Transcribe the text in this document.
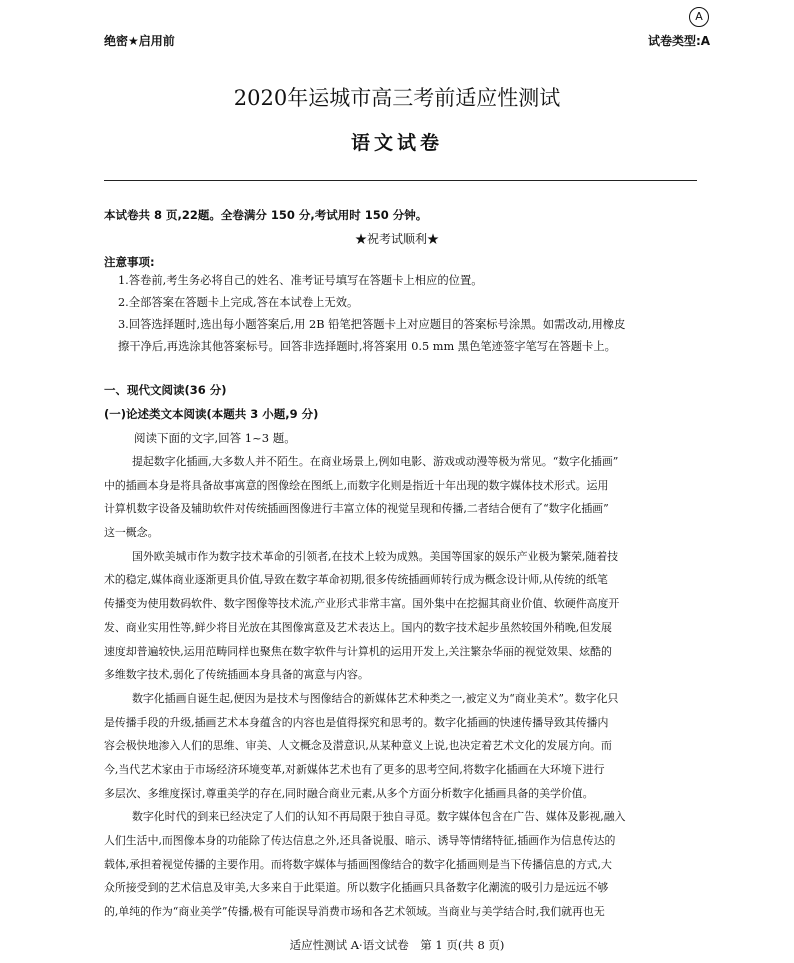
绝密★启用前
A
试卷类型:A
2020年运城市高三考前适应性测试
语文试卷
本试卷共 8 页,22题。全卷满分 150 分,考试用时 150 分钟。
★祝考试顺利★
注意事项:
1.答卷前,考生务必将自己的姓名、准考证号填写在答题卡上相应的位置。
2.全部答案在答题卡上完成,答在本试卷上无效。
3.回答选择题时,选出每小题答案后,用 2B 铅笔把答题卡上对应题目的答案标号涂黑。如需改动,用橡皮
擦干净后,再选涂其他答案标号。回答非选择题时,将答案用 0.5 mm 黑色笔迹签字笔写在答题卡上。
一、现代文阅读(36 分)
(一)论述类文本阅读(本题共 3 小题,9 分)
阅读下面的文字,回答 1~3 题。
提起数字化插画,大多数人并不陌生。在商业场景上,例如电影、游戏或动漫等极为常见。“数字化插画”
中的插画本身是将具备故事寓意的图像绘在图纸上,而数字化则是指近十年出现的数字媒体技术形式。运用
计算机数字设备及辅助软件对传统插画图像进行丰富立体的视觉呈现和传播,二者结合便有了“数字化插画”
这一概念。
国外欧美城市作为数字技术革命的引领者,在技术上较为成熟。美国等国家的娱乐产业极为繁荣,随着技
术的稳定,媒体商业逐渐更具价值,导致在数字革命初期,很多传统插画师转行成为概念设计师,从传统的纸笔
传播变为使用数码软件、数字图像等技术流,产业形式非常丰富。国外集中在挖掘其商业价值、软硬件高度开
发、商业实用性等,鲜少将目光放在其图像寓意及艺术表达上。国内的数字技术起步虽然较国外稍晚,但发展
速度却普遍较快,运用范畴同样也聚焦在数字软件与计算机的运用开发上,关注繁杂华丽的视觉效果、炫酷的
多维数字技术,弱化了传统插画本身具备的寓意与内容。
数字化插画自诞生起,便因为是技术与图像结合的新媒体艺术种类之一,被定义为“商业美术”。数字化只
是传播手段的升级,插画艺术本身蕴含的内容也是值得探究和思考的。数字化插画的快速传播导致其传播内
容会极快地渗入人们的思维、审美、人文概念及潜意识,从某种意义上说,也决定着艺术文化的发展方向。而
今,当代艺术家由于市场经济环境变革,对新媒体艺术也有了更多的思考空间,将数字化插画在大环境下进行
多层次、多维度探讨,尊重美学的存在,同时融合商业元素,从多个方面分析数字化插画具备的美学价值。
数字化时代的到来已经决定了人们的认知不再局限于独自寻觅。数字媒体包含在广告、媒体及影视,融入
人们生活中,而图像本身的功能除了传达信息之外,还具备说服、暗示、诱导等情绪特征,插画作为信息传达的
载体,承担着视觉传播的主要作用。而将数字媒体与插画图像结合的数字化插画则是当下传播信息的方式,大
众所接受到的艺术信息及审美,大多来自于此渠道。所以数字化插画只具备数字化潮流的吸引力是远远不够
的,单纯的作为“商业美学”传播,极有可能误导消费市场和各艺术领域。当商业与美学结合时,我们就再也无
适应性测试 A·语文试卷　第 1 页(共 8 页)
